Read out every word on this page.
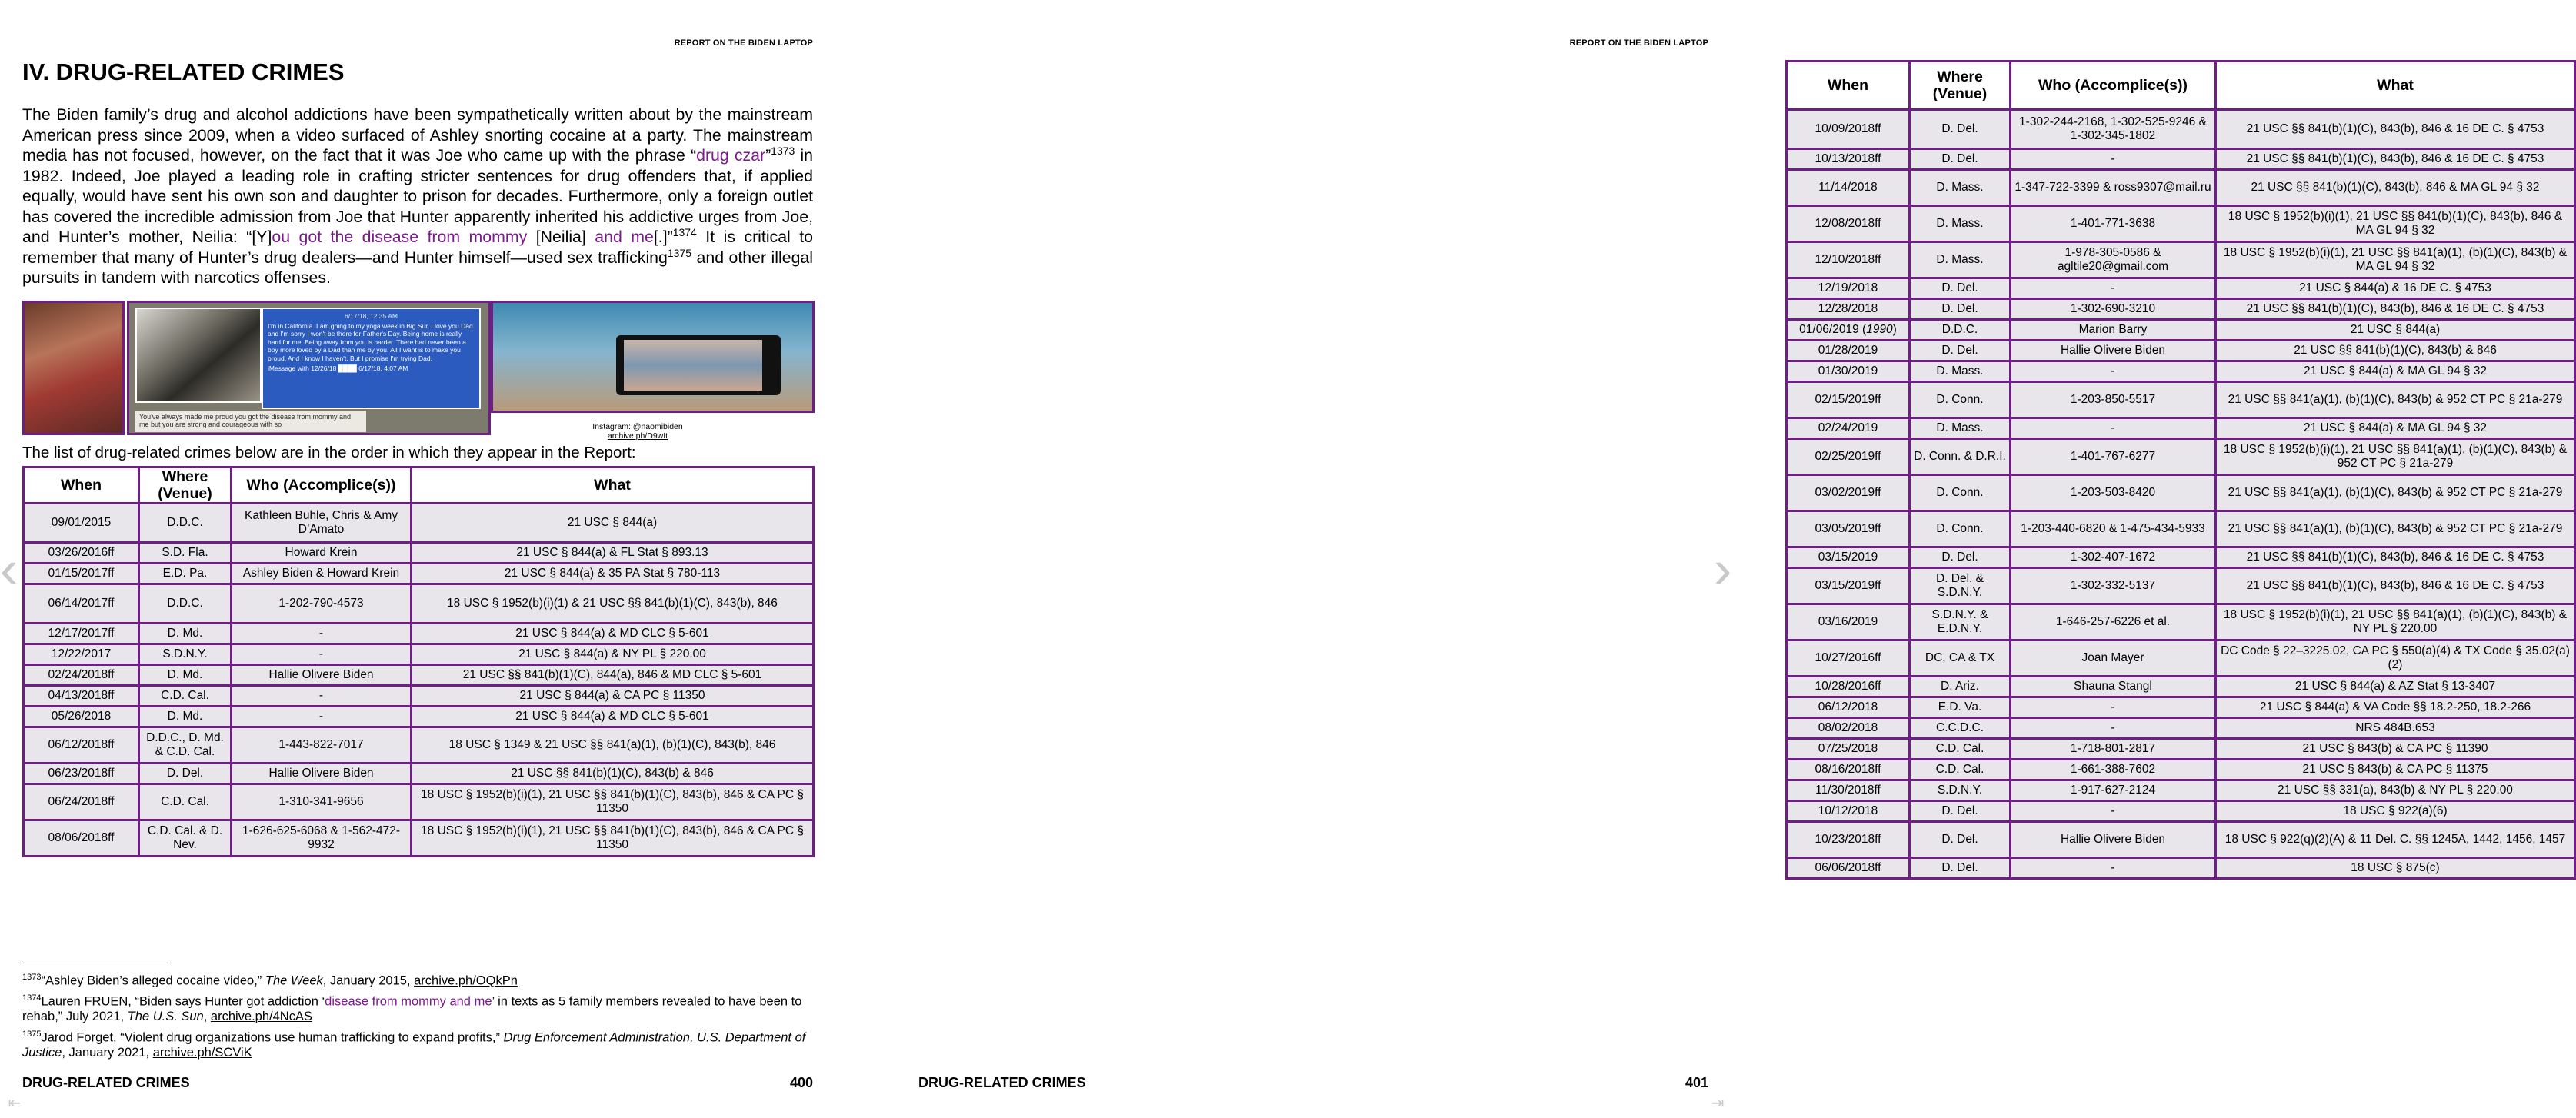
REPORT ON THE BIDEN LAPTOP
IV. DRUG-RELATED CRIMES

The Biden family’s drug and alcohol addictions have been sympathetically written about by the mainstream American press since 2009, when a video surfaced of Ashley snorting cocaine at a party. The mainstream media has not focused, however, on the fact that it was Joe who came up with the phrase “drug czar”$^{1373}$ in 1982. Indeed, Joe played a leading role in crafting stricter sentences for drug offenders that, if applied equally, would have sent his own son and daughter to prison for decades. Furthermore, only a foreign outlet has covered the incredible admission from Joe that Hunter apparently inherited his addictive urges from Joe, and Hunter’s mother, Neilia: “[Y]ou got the disease from mommy [Neilia] and me[.]”$^{1374}$ It is critical to remember that many of Hunter’s drug dealers—and Hunter himself—used sex trafficking$^{1375}$ and other illegal pursuits in tandem with narcotics offenses.

6/17/18, 12:35 AM
I'm in California. I am going to my yoga week in Big Sur. I love you Dad and I'm sorry I won't be there for Father's Day. Being home is really hard for me. Being away from you is harder. There had never been a boy more loved by a Dad than me by you. All I want is to make you proud. And I know I haven't. But I promise I'm trying Dad.
iMessage with 12/26/18 ████ 6/17/18, 4:07 AM
You've always made me proud you got the disease from mommy and me but you are strong and courageous with so	Instagram: @naomibiden
archive.ph/D9wIt

The list of drug-related crimes below are in the order in which they appear in the Report:

When	Where (Venue)	Who (Accomplice(s))	What
09/01/2015	D.D.C.	Kathleen Buhle, Chris & Amy D’Amato	21 USC § 844(a)
03/26/2016ff	S.D. Fla.	Howard Krein	21 USC § 844(a) & FL Stat § 893.13
01/15/2017ff	E.D. Pa.	Ashley Biden & Howard Krein	21 USC § 844(a) & 35 PA Stat § 780-113
06/14/2017ff	D.D.C.	1-202-790-4573	18 USC § 1952(b)(i)(1) & 21 USC §§ 841(b)(1)(C), 843(b), 846
12/17/2017ff	D. Md.	-	21 USC § 844(a) & MD CLC § 5-601
12/22/2017	S.D.N.Y.	-	21 USC § 844(a) & NY PL § 220.00
02/24/2018ff	D. Md.	Hallie Olivere Biden	21 USC §§ 841(b)(1)(C), 844(a), 846 & MD CLC § 5-601
04/13/2018ff	C.D. Cal.	-	21 USC § 844(a) & CA PC § 11350
05/26/2018	D. Md.	-	21 USC § 844(a) & MD CLC § 5-601
06/12/2018ff	D.D.C., D. Md. & C.D. Cal.	1-443-822-7017	18 USC § 1349 & 21 USC §§ 841(a)(1), (b)(1)(C), 843(b), 846
06/23/2018ff	D. Del.	Hallie Olivere Biden	21 USC §§ 841(b)(1)(C), 843(b) & 846
06/24/2018ff	C.D. Cal.	1-310-341-9656	18 USC § 1952(b)(i)(1), 21 USC §§ 841(b)(1)(C), 843(b), 846 & CA PC § 11350
08/06/2018ff	C.D. Cal. & D. Nev.	1-626-625-6068 & 1-562-472-9932	18 USC § 1952(b)(i)(1), 21 USC §§ 841(b)(1)(C), 843(b), 846 & CA PC § 11350

$^{1373}$“Ashley Biden’s alleged cocaine video,” The Week, January 2015, archive.ph/OQkPn

$^{1374}$Lauren FRUEN, “Biden says Hunter got addiction ‘disease from mommy and me’ in texts as 5 family members revealed to have been to rehab,” July 2021, The U.S. Sun, archive.ph/4NcAS

$^{1375}$Jarod Forget, “Violent drug organizations use human trafficking to expand profits,” Drug Enforcement Administration, U.S. Department of Justice, January 2021, archive.ph/SCViK

DRUG-RELATED CRIMES	400
‹
⇤
REPORT ON THE BIDEN LAPTOP
When	Where (Venue)	Who (Accomplice(s))	What
10/09/2018ff	D. Del.	1-302-244-2168, 1-302-525-9246 & 1-302-345-1802	21 USC §§ 841(b)(1)(C), 843(b), 846 & 16 DE C. § 4753
10/13/2018ff	D. Del.	-	21 USC §§ 841(b)(1)(C), 843(b), 846 & 16 DE C. § 4753
11/14/2018	D. Mass.	1-347-722-3399 & ross9307@mail.ru	21 USC §§ 841(b)(1)(C), 843(b), 846 & MA GL 94 § 32
12/08/2018ff	D. Mass.	1-401-771-3638	18 USC § 1952(b)(i)(1), 21 USC §§ 841(b)(1)(C), 843(b), 846 & MA GL 94 § 32
12/10/2018ff	D. Mass.	1-978-305-0586 & agltile20@gmail.com	18 USC § 1952(b)(i)(1), 21 USC §§ 841(a)(1), (b)(1)(C), 843(b) & MA GL 94 § 32
12/19/2018	D. Del.	-	21 USC § 844(a) & 16 DE C. § 4753
12/28/2018	D. Del.	1-302-690-3210	21 USC §§ 841(b)(1)(C), 843(b), 846 & 16 DE C. § 4753
01/06/2019 (1990)	D.D.C.	Marion Barry	21 USC § 844(a)
01/28/2019	D. Del.	Hallie Olivere Biden	21 USC §§ 841(b)(1)(C), 843(b) & 846
01/30/2019	D. Mass.	-	21 USC § 844(a) & MA GL 94 § 32
02/15/2019ff	D. Conn.	1-203-850-5517	21 USC §§ 841(a)(1), (b)(1)(C), 843(b) & 952 CT PC § 21a-279
02/24/2019	D. Mass.	-	21 USC § 844(a) & MA GL 94 § 32
02/25/2019ff	D. Conn. & D.R.I.	1-401-767-6277	18 USC § 1952(b)(i)(1), 21 USC §§ 841(a)(1), (b)(1)(C), 843(b) & 952 CT PC § 21a-279
03/02/2019ff	D. Conn.	1-203-503-8420	21 USC §§ 841(a)(1), (b)(1)(C), 843(b) & 952 CT PC § 21a-279
03/05/2019ff	D. Conn.	1-203-440-6820 & 1-475-434-5933	21 USC §§ 841(a)(1), (b)(1)(C), 843(b) & 952 CT PC § 21a-279
03/15/2019	D. Del.	1-302-407-1672	21 USC §§ 841(b)(1)(C), 843(b), 846 & 16 DE C. § 4753
03/15/2019ff	D. Del. & S.D.N.Y.	1-302-332-5137	21 USC §§ 841(b)(1)(C), 843(b), 846 & 16 DE C. § 4753
03/16/2019	S.D.N.Y. & E.D.N.Y.	1-646-257-6226 et al.	18 USC § 1952(b)(i)(1), 21 USC §§ 841(a)(1), (b)(1)(C), 843(b) & NY PL § 220.00
10/27/2016ff	DC, CA & TX	Joan Mayer	DC Code § 22–3225.02, CA PC § 550(a)(4) & TX Code § 35.02(a)(2)
10/28/2016ff	D. Ariz.	Shauna Stangl	21 USC § 844(a) & AZ Stat § 13-3407
06/12/2018	E.D. Va.	-	21 USC § 844(a) & VA Code §§ 18.2-250, 18.2-266
08/02/2018	C.C.D.C.	-	NRS 484B.653
07/25/2018	C.D. Cal.	1-718-801-2817	21 USC § 843(b) & CA PC § 11390
08/16/2018ff	C.D. Cal.	1-661-388-7602	21 USC § 843(b) & CA PC § 11375
11/30/2018ff	S.D.N.Y.	1-917-627-2124	21 USC §§ 331(a), 843(b) & NY PL § 220.00
10/12/2018	D. Del.	-	18 USC § 922(a)(6)
10/23/2018ff	D. Del.	Hallie Olivere Biden	18 USC § 922(q)(2)(A) & 11 Del. C. §§ 1245A, 1442, 1456, 1457
06/06/2018ff	D. Del.	-	18 USC § 875(c)
DRUG-RELATED CRIMES	401
›
⇥
